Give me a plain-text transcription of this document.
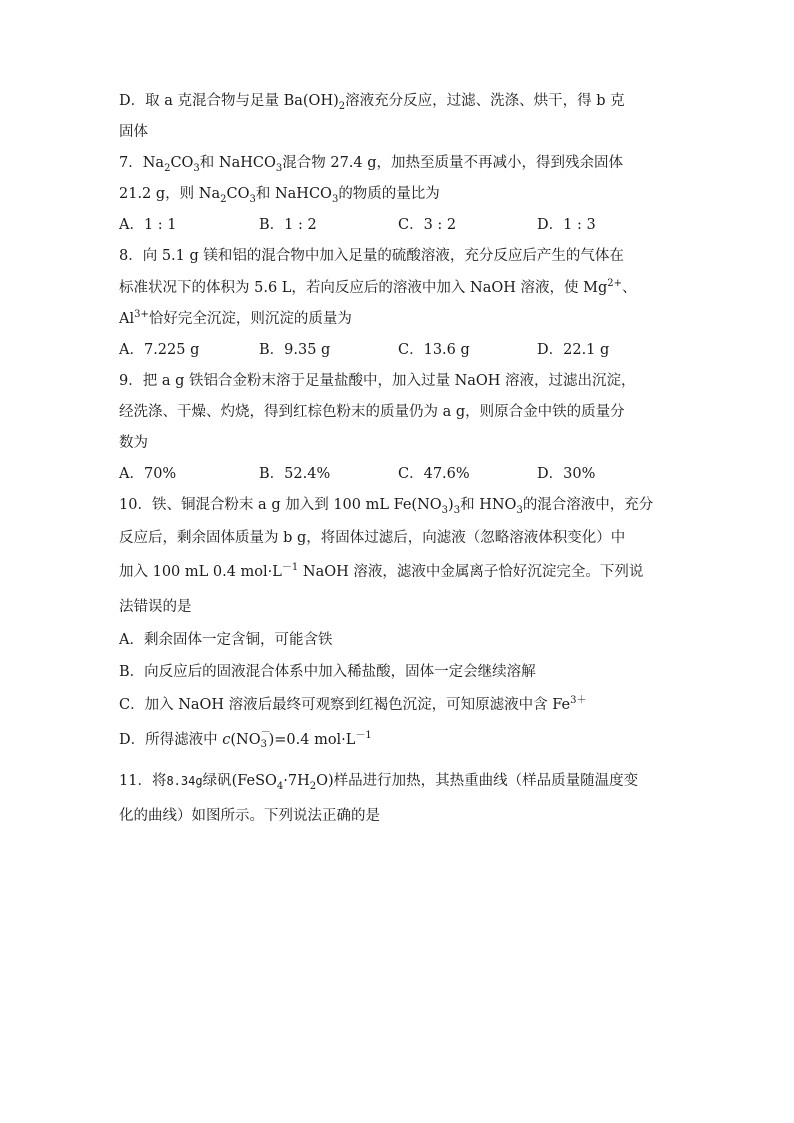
D．取 a 克混合物与足量 $Ba(OH)_2$溶液充分反应，过滤、洗涤、烘干，得 b 克
固体
7．$Na_2CO_3$和 NaHCO$_3$混合物 27.4 g，加热至质量不再减小，得到残余固体
21.2 g，则 $Na_2CO_3$和 NaHCO$_3$的物质的量比为
A．1 : 1	B．1 : 2	C．3 : 2	D．1 : 3
8．向 5.1 g 镁和铝的混合物中加入足量的硫酸溶液，充分反应后产生的气体在
标准状况下的体积为 5.6 L，若向反应后的溶液中加入 NaOH 溶液，使 $Mg^{2+}$、
$Al^{3+}$恰好完全沉淀，则沉淀的质量为
A．7.225 g	B．9.35 g	C．13.6 g	D．22.1 g
9．把 a g 铁铝合金粉末溶于足量盐酸中，加入过量 NaOH 溶液，过滤出沉淀，
经洗涤、干燥、灼烧，得到红棕色粉末的质量仍为 a g，则原合金中铁的质量分
数为
A．70%	B．52.4%	C．47.6%	D．30%
10．铁、铜混合粉末 a g 加入到 100 mL $Fe(NO_3)_3$和 $HNO_3$的混合溶液中，充分
反应后，剩余固体质量为 b g，将固体过滤后，向滤液（忽略溶液体积变化）中
加入 100 mL 0.4 $mol\cdot L^{-1}$ NaOH 溶液，滤液中金属离子恰好沉淀完全。下列说
法错误的是
A．剩余固体一定含铜，可能含铁
B．向反应后的固液混合体系中加入稀盐酸，固体一定会继续溶解
C．加入 NaOH 溶液后最终可观察到红褐色沉淀，可知原滤液中含 $Fe^{3+}$
D．所得滤液中 c(NO －
3 )=0.4 $mol\cdot L^{-1}$
11．将8.34g绿矾$(FeSO_4\cdot 7H_2O)$样品进行加热，其热重曲线（样品质量随温度变
化的曲线）如图所示。下列说法正确的是
